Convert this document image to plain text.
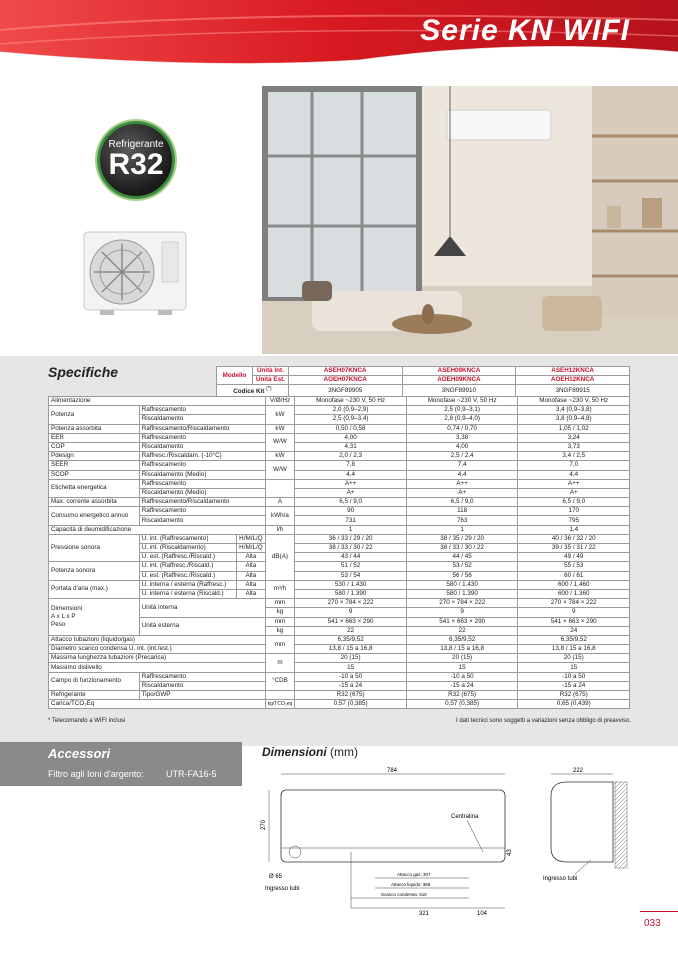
Serie KN WIFI
Refrigerante
R32
Specifiche	Modello	Unità Int.	ASEH07KNCA	ASEH09KNCA	ASEH12KNCA
	Unità Est.	AOEH07KNCA	AOEH09KNCA	AOEH12KNCA
Codice Kit (*)		3NGF89905	3NGF89910	3NGF89915
Alimentazione			V/Ø/Hz	Monofase ~230 V, 50 Hz	Monofase ~230 V, 50 Hz	Monofase ~230 V, 50 Hz
Potenza	Raffrescamento		kW	2,0 (0,9–2,9)	2,5 (0,9–3,1)	3,4 (0,9–3,8)
	Riscaldamento			2,5 (0,9–3,4)	2,8 (0,9–4,0)	3,8 (0,9–4,8)
Potenza assorbita	Raffrescamento/Riscaldamento		kW	0,50 / 0,58	0,74 / 0,70	1,05 / 1,02
EER	Raffrescamento		W/W	4,00	3,38	3,24
COP	Riscaldamento			4,31	4,00	3,73
Pdesign	Raffresc./Riscaldam. (-10°C)		kW	2,0 / 2,3	2,5 / 2,4	3,4 / 2,5
SEER	Raffrescamento		W/W	7,8	7,4	7,0
SCOP	Riscaldamento (Medio)			4,4	4,4	4,4
Etichetta energetica	Raffrescamento			A++	A++	A++
	Riscaldamento (Medio)			A+	A+	A+
Max. corrente assorbita	Raffrescamento/Riscaldamento		A	6,5 / 9,0	6,5 / 9,0	6,5 / 9,0
Consumo energetico annuo	Raffrescamento		kWh/a	90	118	170
	Riscaldamento			731	763	795
Capacità di deumidificazione			l/h	1	1	1,4
Pressione sonora	U. int. (Raffrescamento)	H/M/L/Q	dB(A)	36 / 33 / 29 / 20	38 / 35 / 29 / 20	40 / 36 / 32 / 20
	U. int. (Riscaldamento)	H/M/L/Q		38 / 33 / 30 / 22	38 / 33 / 30 / 22	39 / 35 / 31 / 22
	U. est. (Raffresc./Riscald.)	Alta		43 / 44	44 / 45	49 / 49
Potenza sonora	U. int. (Raffresc./Riscald.)	Alta		51 / 52	53 / 52	55 / 53
	U. est. (Raffresc./Riscald.)	Alta		53 / 54	56 / 56	60 / 61
Portata d'aria (max.)	U. interna / esterna (Raffresc.)	Alta	m³/h	530 / 1.430	580 / 1.430	600 / 1.460
	U. interna / esterna (Riscald.)	Alta		580 / 1.390	580 / 1.390	600 / 1.360

Dimensioni
A x L x P
Peso	Unità interna		mm	270 × 784 × 222	270 × 784 × 222	270 × 784 × 222
			kg	9	9	9
	Unità esterna		mm	541 × 663 × 290	541 × 663 × 290	541 × 663 × 290
			kg	22	22	24
Attacco tubazioni (liquido/gas)			mm	6,35/9,52	6,35/9,52	6,35/9,52
Diametro scarico condensa U. int. (int./est.)				13,8 / 15 a 16,8	13,8 / 15 a 16,8	13,8 / 15 a 16,8
Massima lunghezza tubazioni (Precarica)			m	20 (15)	20 (15)	20 (15)
Massimo dislivello				15	15	15
Campo di funzionamento	Raffrescamento		°CDB	-10 a 50	-10 a 50	-10 a 50
	Riscaldamento			-15 a 24	-15 a 24	-15 a 24
Refrigerante	Tipo/GWP			R32 (675)	R32 (675)	R32 (675)
Carica/TCO₂Eq			kg/TCO₂eq	0,57 (0,385)	0,57 (0,385)	0,65 (0,439)
* Telecomando a WIFI inclusi	I dati tecnici sono soggetti a variazioni senza obbligo di preavviso.
Accessori
Filtro agli Ioni d'argento: UTR-FA16-5
Dimensioni (mm)
784
270
Centralina
43
Ø 65
Ingresso tubi
Attacco gas: 307
Attacco liquido: 366
Scarico condensa: 516
321	104
222
Ingresso tubi
033
